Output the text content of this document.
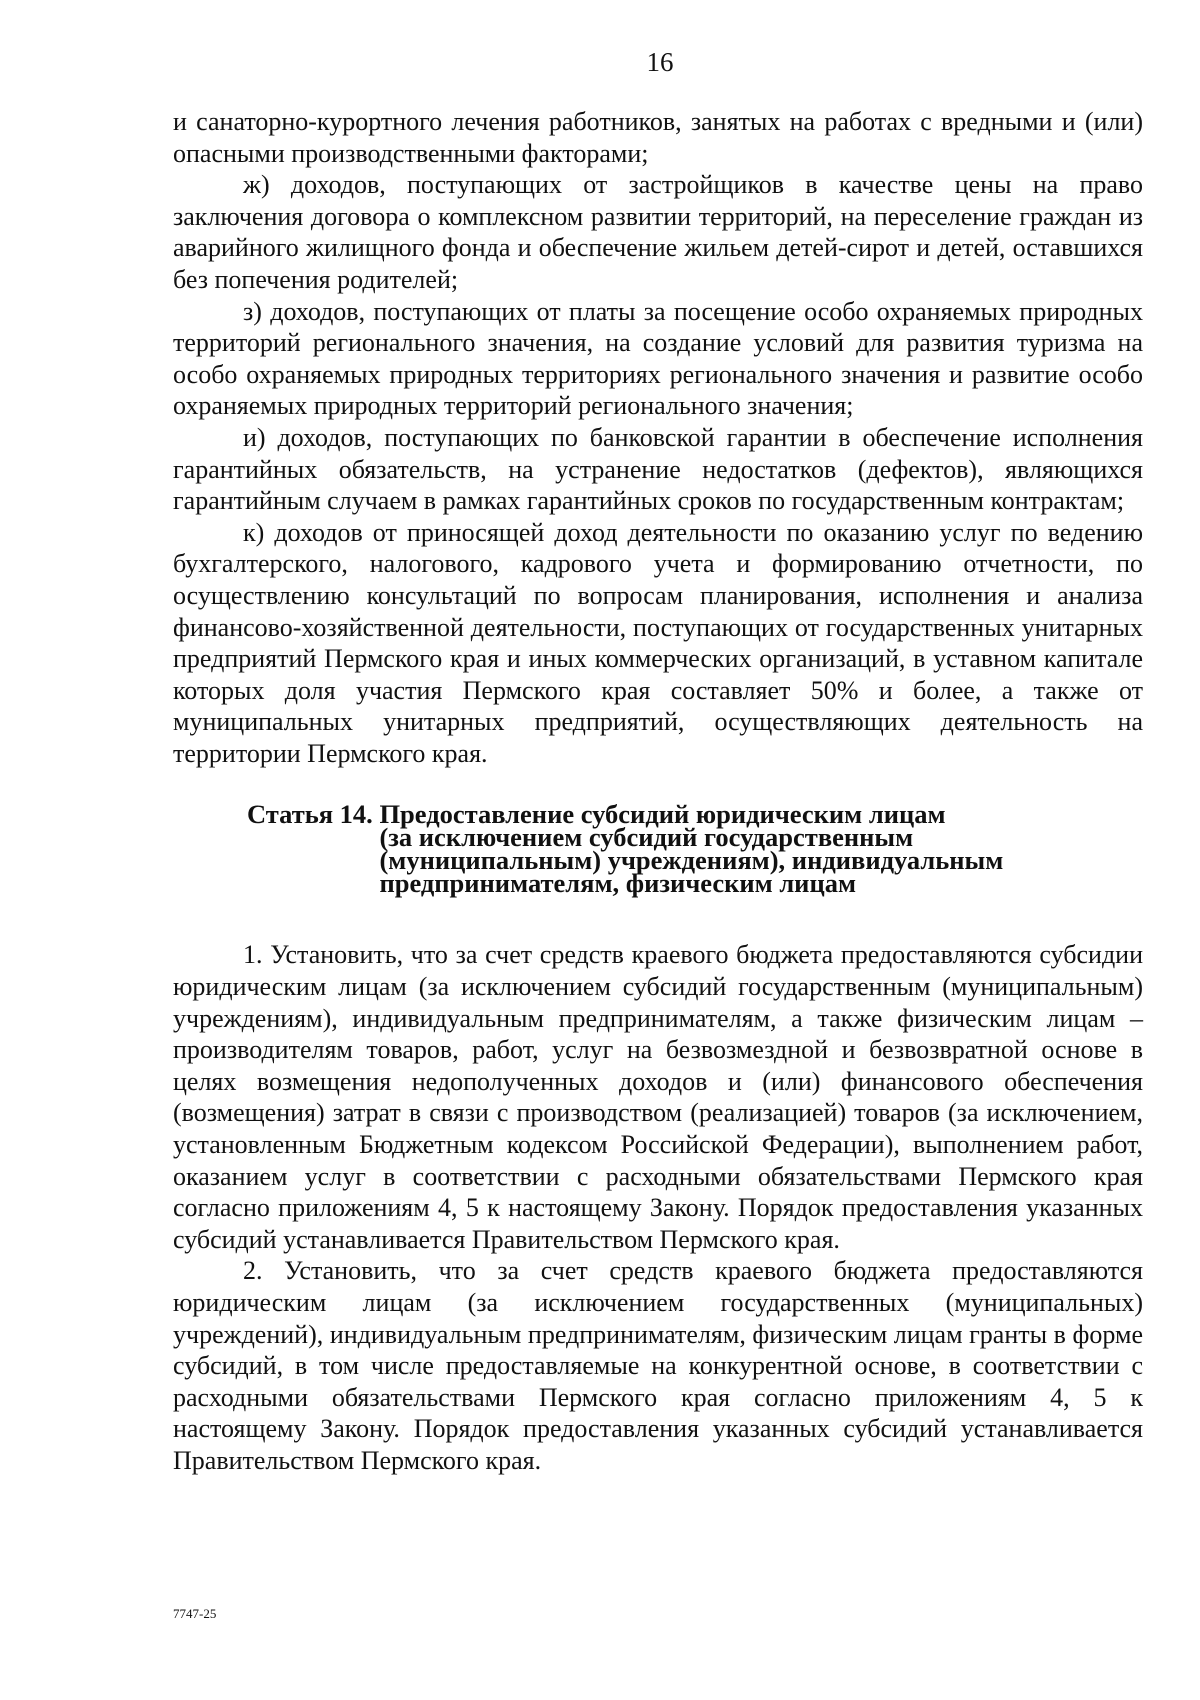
16

и санаторно-курортного лечения работников, занятых на работах с вредными и (или) опасными производственными факторами;

ж) доходов, поступающих от застройщиков в качестве цены на право заключения договора о комплексном развитии территорий, на переселение граждан из аварийного жилищного фонда и обеспечение жильем детей-сирот и детей, оставшихся без попечения родителей;

з) доходов, поступающих от платы за посещение особо охраняемых природных территорий регионального значения, на создание условий для развития туризма на особо охраняемых природных территориях регионального значения и развитие особо охраняемых природных территорий регионального значения;

и) доходов, поступающих по банковской гарантии в обеспечение исполнения гарантийных обязательств, на устранение недостатков (дефектов), являющихся гарантийным случаем в рамках гарантийных сроков по государственным контрактам;

к) доходов от приносящей доход деятельности по оказанию услуг по ведению бухгалтерского, налогового, кадрового учета и формированию отчетности, по осуществлению консультаций по вопросам планирования, исполнения и анализа финансово-хозяйственной деятельности, поступающих от государственных унитарных предприятий Пермского края и иных коммерческих организаций, в уставном капитале которых доля участия Пермского края составляет 50% и более, а также от муниципальных унитарных предприятий, осуществляющих деятельность на территории Пермского края.

Статья 14. Предоставление субсидий юридическим лицам
(за исключением субсидий государственным
(муниципальным) учреждениям), индивидуальным
предпринимателям, физическим лицам

1. Установить, что за счет средств краевого бюджета предоставляются субсидии юридическим лицам (за исключением субсидий государственным (муниципальным) учреждениям), индивидуальным предпринимателям, а также физическим лицам – производителям товаров, работ, услуг на безвозмездной и безвозвратной основе в целях возмещения недополученных доходов и (или) финансового обеспечения (возмещения) затрат в связи с производством (реализацией) товаров (за исключением, установленным Бюджетным кодексом Российской Федерации), выполнением работ, оказанием услуг в соответствии с расходными обязательствами Пермского края согласно приложениям 4, 5 к настоящему Закону. Порядок предоставления указанных субсидий устанавливается Правительством Пермского края.

2. Установить, что за счет средств краевого бюджета предоставляются юридическим лицам (за исключением государственных (муниципальных) учреждений), индивидуальным предпринимателям, физическим лицам гранты в форме субсидий, в том числе предоставляемые на конкурентной основе, в соответствии с расходными обязательствами Пермского края согласно приложениям 4, 5 к настоящему Закону. Порядок предоставления указанных субсидий устанавливается Правительством Пермского края.

7747-25
